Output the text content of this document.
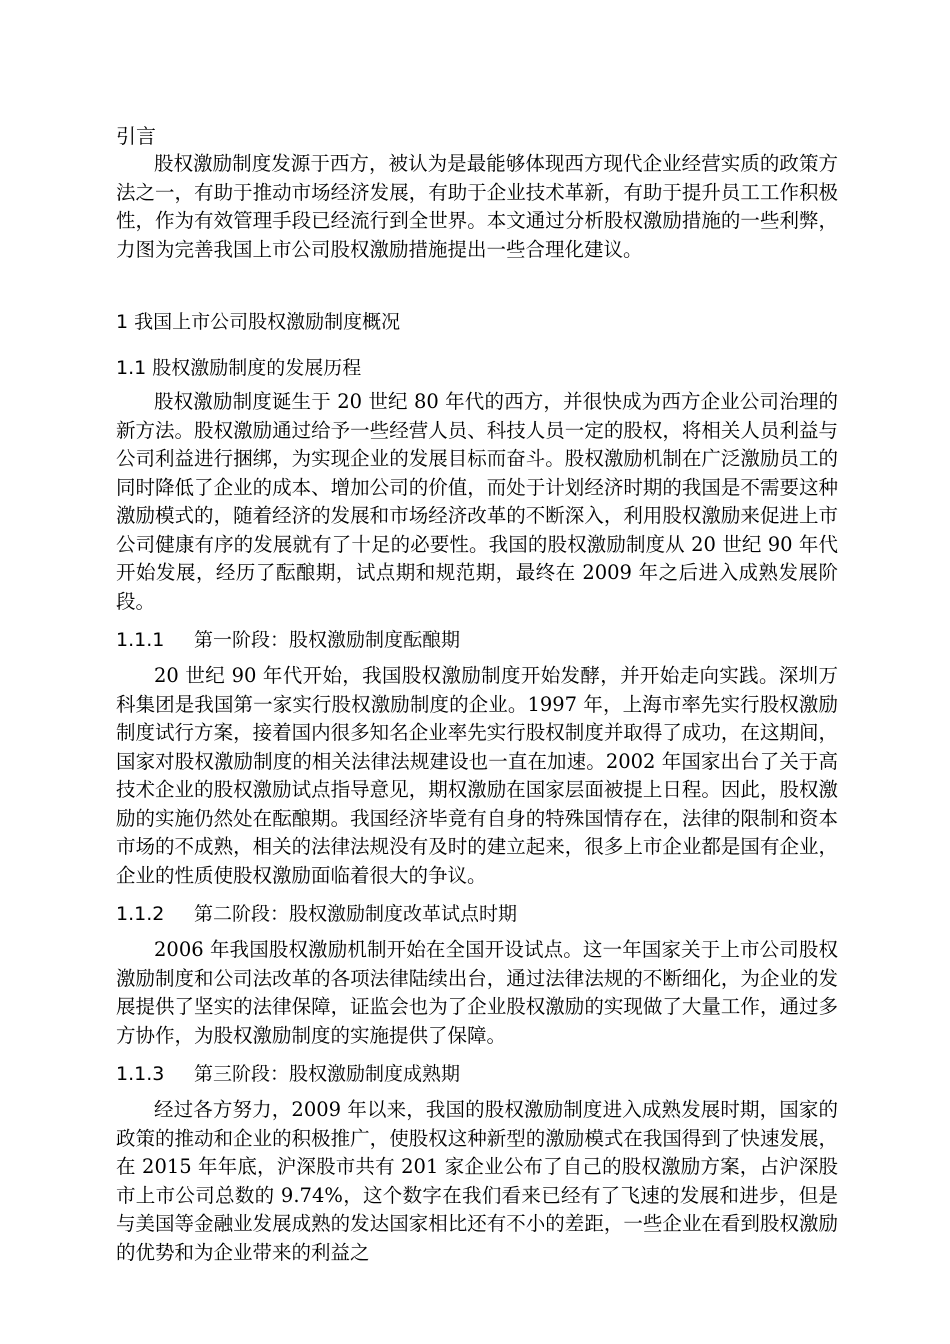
引言

股权激励制度发源于西方，被认为是最能够体现西方现代企业经营实质的政策方法之一，有助于推动市场经济发展，有助于企业技术革新，有助于提升员工工作积极性，作为有效管理手段已经流行到全世界。本文通过分析股权激励措施的一些利弊，力图为完善我国上市公司股权激励措施提出一些合理化建议。

1 我国上市公司股权激励制度概况
1.1 股权激励制度的发展历程

股权激励制度诞生于 20 世纪 80 年代的西方，并很快成为西方企业公司治理的新方法。股权激励通过给予一些经营人员、科技人员一定的股权，将相关人员利益与公司利益进行捆绑，为实现企业的发展目标而奋斗。股权激励机制在广泛激励员工的同时降低了企业的成本、增加公司的价值，而处于计划经济时期的我国是不需要这种激励模式的，随着经济的发展和市场经济改革的不断深入，利用股权激励来促进上市公司健康有序的发展就有了十足的必要性。我国的股权激励制度从 20 世纪 90 年代开始发展，经历了酝酿期，试点期和规范期，最终在 2009 年之后进入成熟发展阶段。

1.1.1 第一阶段：股权激励制度酝酿期

20 世纪 90 年代开始，我国股权激励制度开始发酵，并开始走向实践。深圳万科集团是我国第一家实行股权激励制度的企业。1997 年，上海市率先实行股权激励制度试行方案，接着国内很多知名企业率先实行股权制度并取得了成功，在这期间，国家对股权激励制度的相关法律法规建设也一直在加速。2002 年国家出台了关于高技术企业的股权激励试点指导意见，期权激励在国家层面被提上日程。因此，股权激励的实施仍然处在酝酿期。我国经济毕竟有自身的特殊国情存在，法律的限制和资本市场的不成熟，相关的法律法规没有及时的建立起来，很多上市企业都是国有企业，企业的性质使股权激励面临着很大的争议。

1.1.2 第二阶段：股权激励制度改革试点时期

2006 年我国股权激励机制开始在全国开设试点。这一年国家关于上市公司股权激励制度和公司法改革的各项法律陆续出台，通过法律法规的不断细化，为企业的发展提供了坚实的法律保障，证监会也为了企业股权激励的实现做了大量工作，通过多方协作，为股权激励制度的实施提供了保障。

1.1.3 第三阶段：股权激励制度成熟期

经过各方努力，2009 年以来，我国的股权激励制度进入成熟发展时期，国家的政策的推动和企业的积极推广，使股权这种新型的激励模式在我国得到了快速发展，在 2015 年年底，沪深股市共有 201 家企业公布了自己的股权激励方案，占沪深股市上市公司总数的 9.74%，这个数字在我们看来已经有了飞速的发展和进步，但是与美国等金融业发展成熟的发达国家相比还有不小的差距，一些企业在看到股权激励的优势和为企业带来的利益之
